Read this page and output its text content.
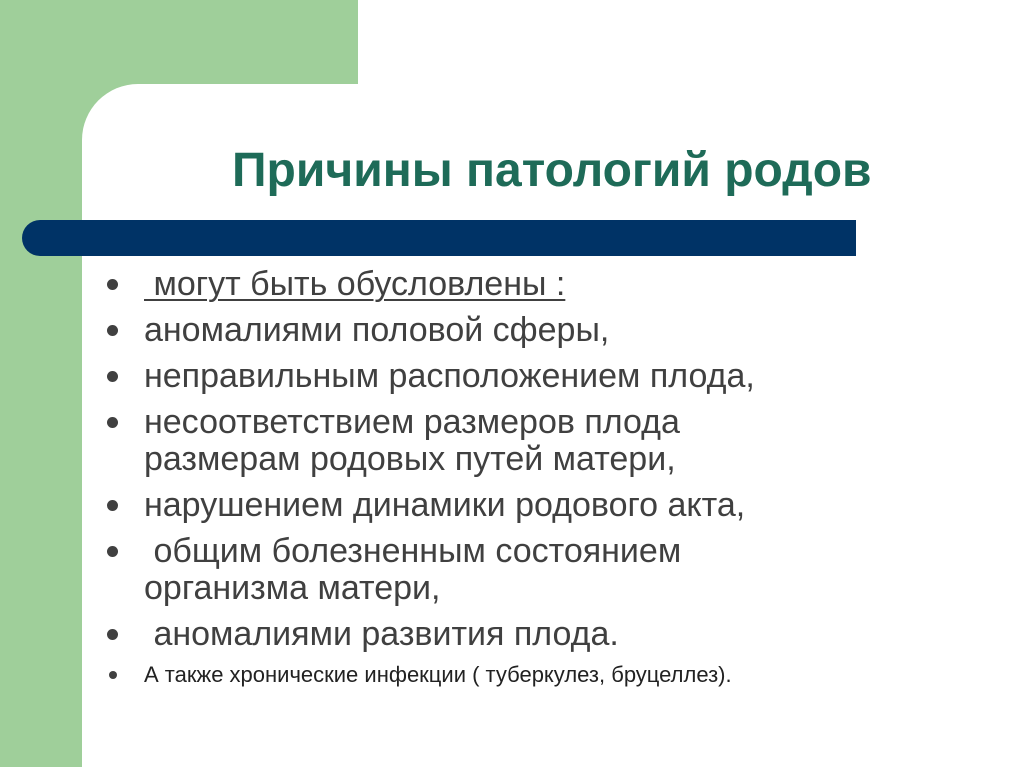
Причины патологий родов
могут быть обусловлены :
аномалиями половой сферы,
неправильным расположением плода,
несоответствием размеров плода
размерам родовых путей матери,
нарушением динамики родового акта,
общим болезненным состоянием
организма матери,
аномалиями развития плода.
А также хронические инфекции ( туберкулез, бруцеллез).
